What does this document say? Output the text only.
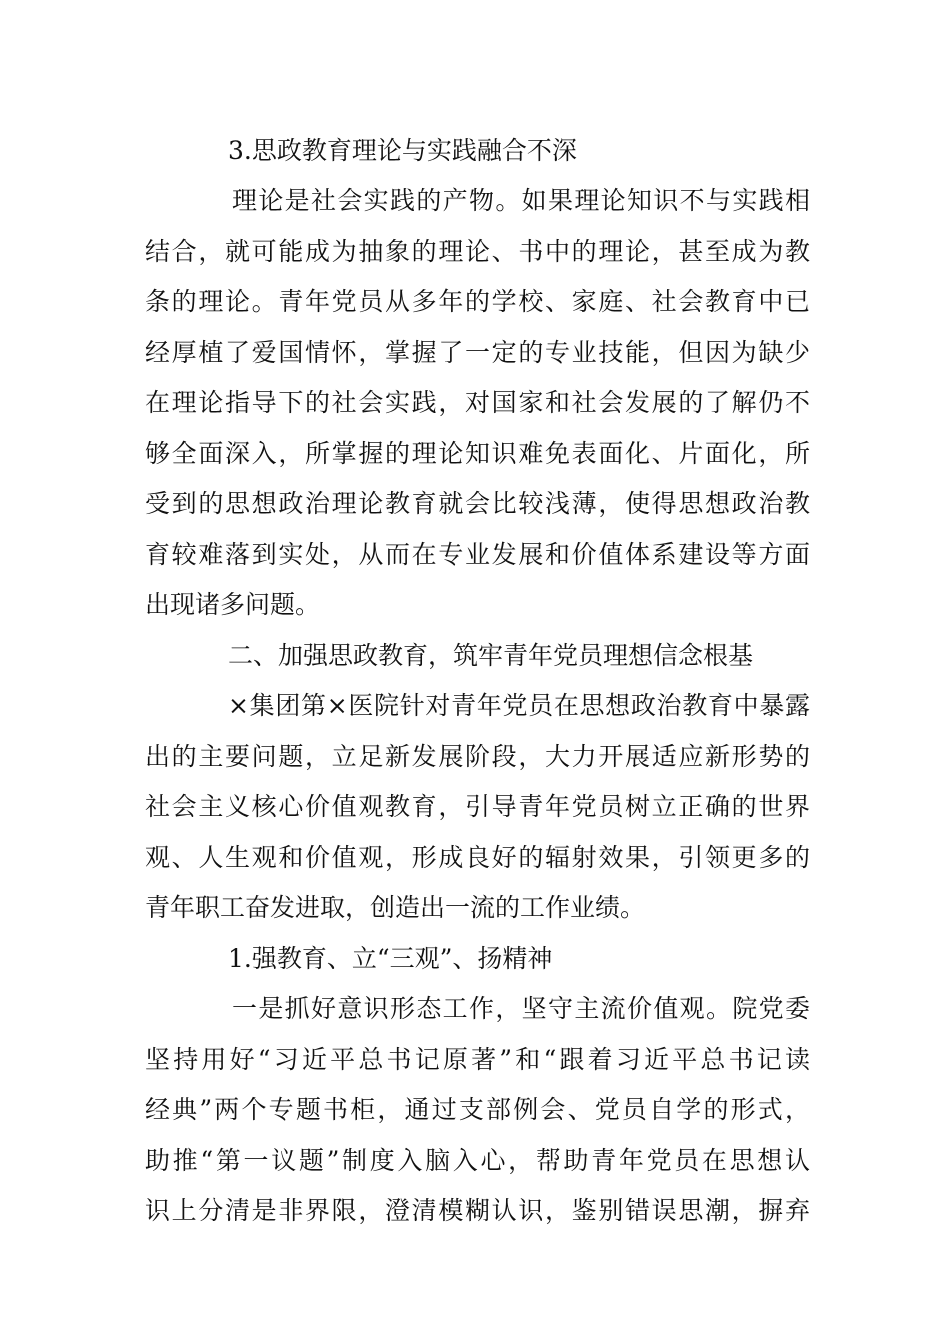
3.思政教育理论与实践融合不深
理论是社会实践的产物。如果理论知识不与实践相
结合，就可能成为抽象的理论、书中的理论，甚至成为教
条的理论。青年党员从多年的学校、家庭、社会教育中已
经厚植了爱国情怀，掌握了一定的专业技能，但因为缺少
在理论指导下的社会实践，对国家和社会发展的了解仍不
够全面深入，所掌握的理论知识难免表面化、片面化，所
受到的思想政治理论教育就会比较浅薄，使得思想政治教
育较难落到实处，从而在专业发展和价值体系建设等方面
出现诸多问题。
二、加强思政教育，筑牢青年党员理想信念根基
×集团第×医院针对青年党员在思想政治教育中暴露
出的主要问题，立足新发展阶段，大力开展适应新形势的
社会主义核心价值观教育，引导青年党员树立正确的世界
观、人生观和价值观，形成良好的辐射效果，引领更多的
青年职工奋发进取，创造出一流的工作业绩。
1.强教育、立“三观”、扬精神
一是抓好意识形态工作，坚守主流价值观。院党委
坚持用好“习近平总书记原著”和“跟着习近平总书记读
经典”两个专题书柜，通过支部例会、党员自学的形式，
助推“第一议题”制度入脑入心，帮助青年党员在思想认
识上分清是非界限，澄清模糊认识，鉴别错误思潮，摒弃
